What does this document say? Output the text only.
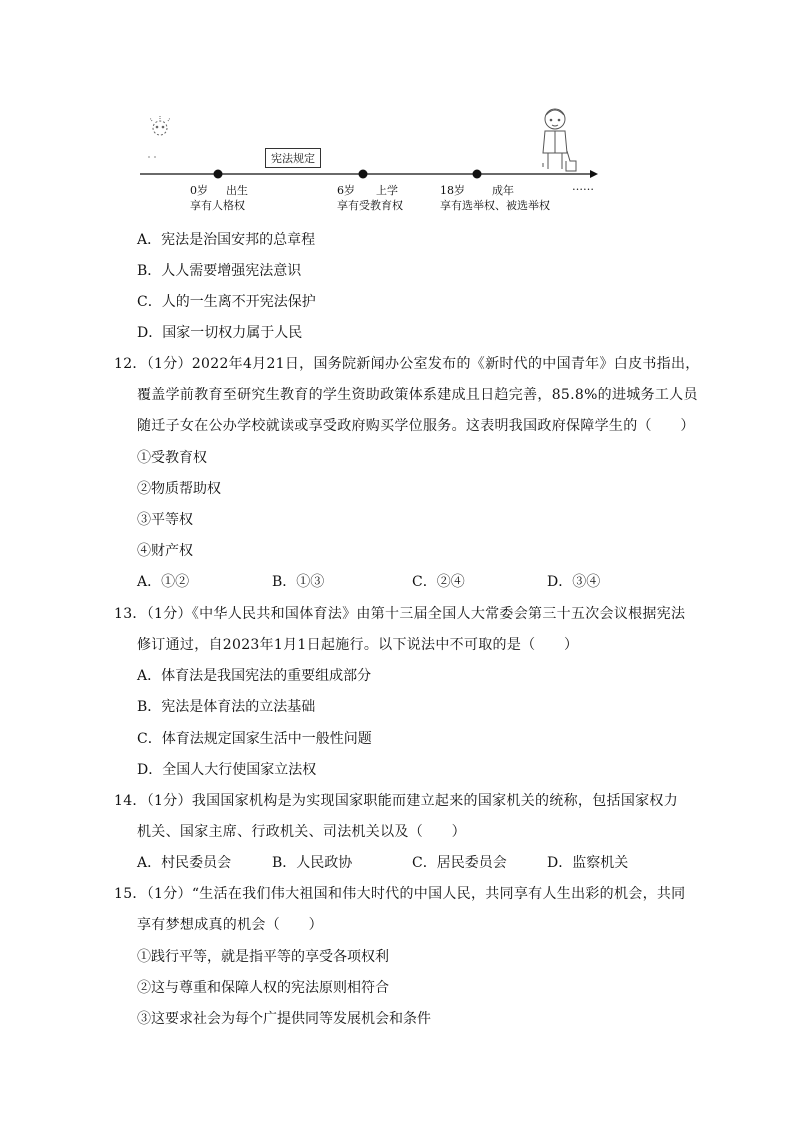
宪法规定
0岁 出生
享有人格权
6岁 上学
享有受教育权
18岁 成年
享有选举权、被选举权
……
A．宪法是治国安邦的总章程
B．人人需要增强宪法意识
C．人的一生离不开宪法保护
D．国家一切权力属于人民
12．（1分）2022年4月21日，国务院新闻办公室发布的《新时代的中国青年》白皮书指出，
覆盖学前教育至研究生教育的学生资助政策体系建成且日趋完善，85.8%的进城务工人员
随迁子女在公办学校就读或享受政府购买学位服务。这表明我国政府保障学生的（　　）
①受教育权
②物质帮助权
③平等权
④财产权
A．①②	B．①③	C．②④	D．③④
13．（1分）《中华人民共和国体育法》由第十三届全国人大常委会第三十五次会议根据宪法
修订通过，自2023年1月1日起施行。以下说法中不可取的是（　　）
A．体育法是我国宪法的重要组成部分
B．宪法是体育法的立法基础
C．体育法规定国家生活中一般性问题
D．全国人大行使国家立法权
14．（1分）我国国家机构是为实现国家职能而建立起来的国家机关的统称，包括国家权力
机关、国家主席、行政机关、司法机关以及（　　）
A．村民委员会	B．人民政协	C．居民委员会	D．监察机关
15．（1分）“生活在我们伟大祖国和伟大时代的中国人民，共同享有人生出彩的机会，共同
享有梦想成真的机会（　　）
①践行平等，就是指平等的享受各项权利
②这与尊重和保障人权的宪法原则相符合
③这要求社会为每个广提供同等发展机会和条件
